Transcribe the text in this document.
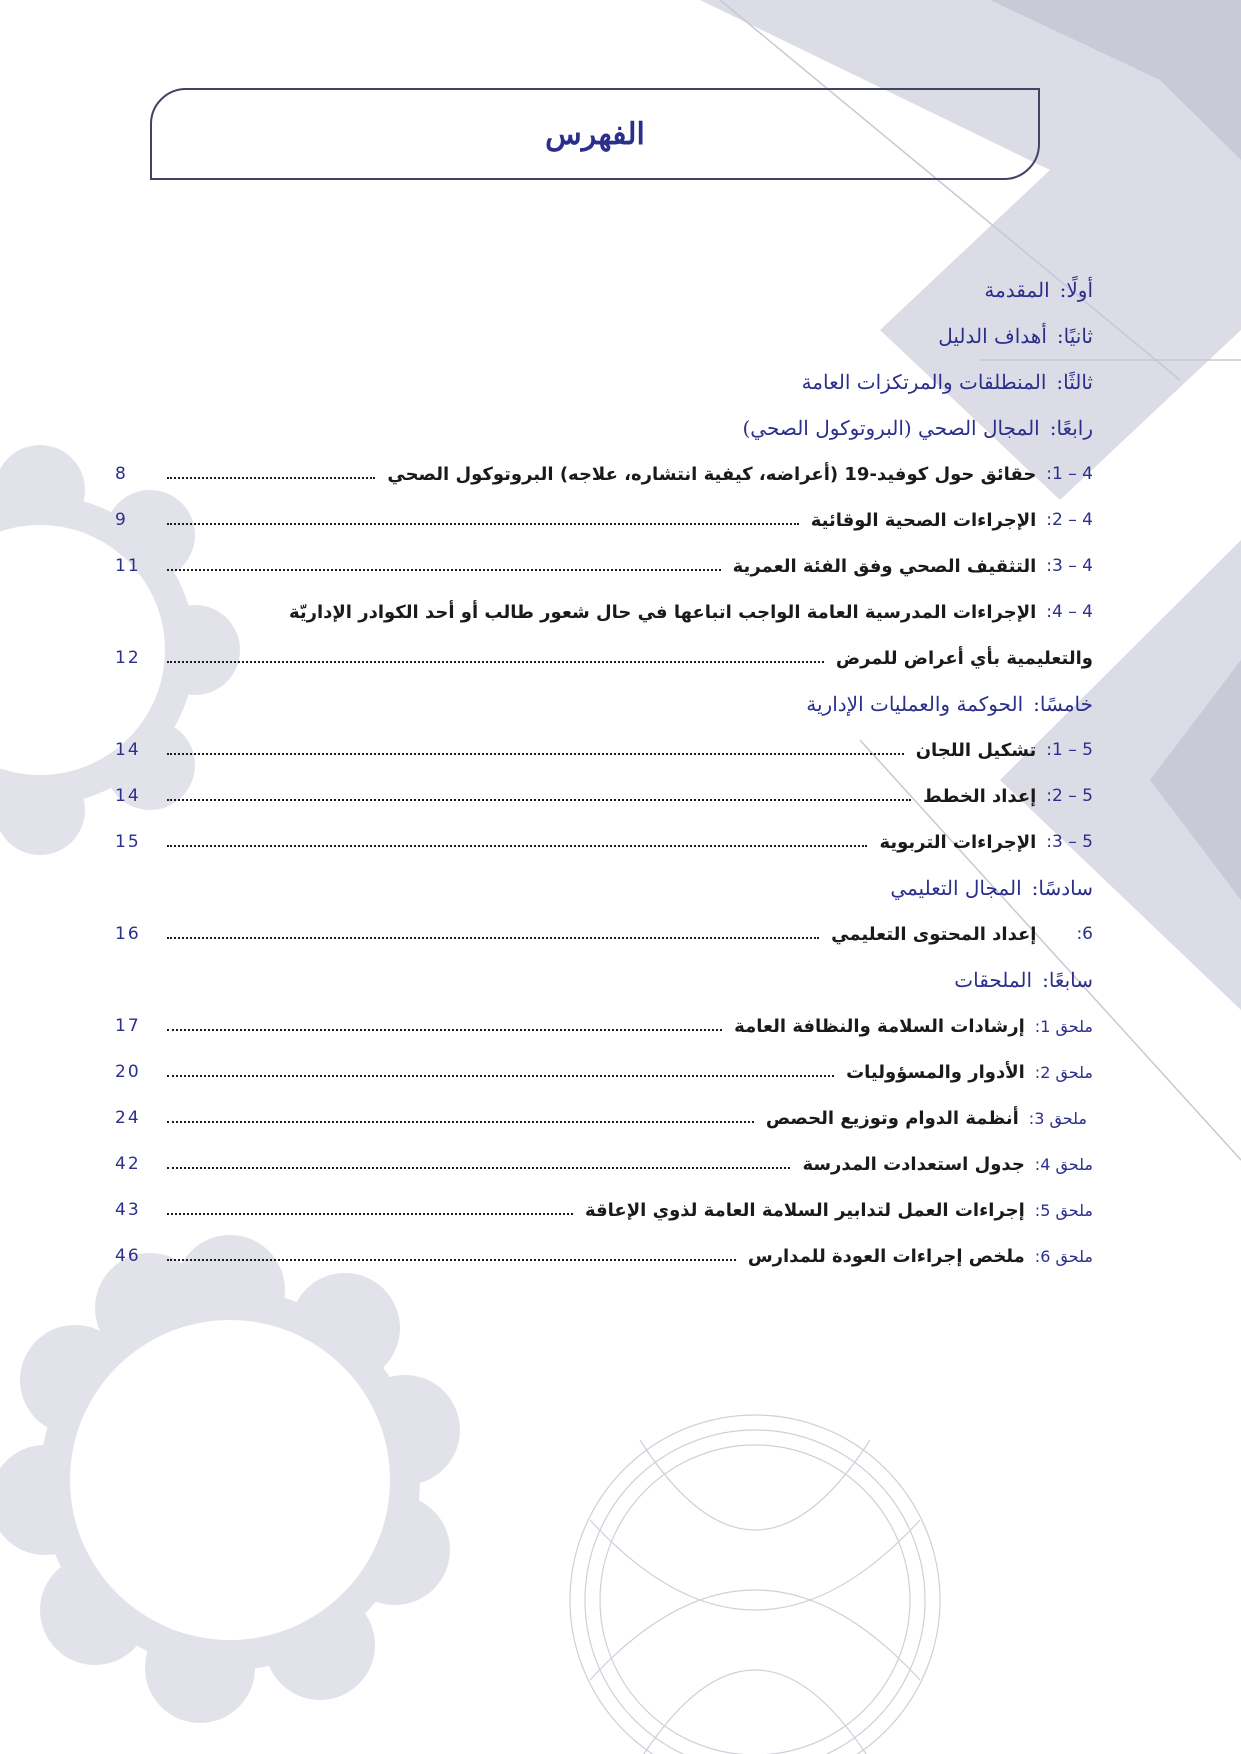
الفهرس
أولًا:
المقدمة
ثانيًا:
أهداف الدليل
ثالثًا:
المنطلقات والمرتكزات العامة
رابعًا:
المجال الصحي (البروتوكول الصحي)
4 – 1:
حقائق حول كوفيد-19 (أعراضه، كيفية انتشاره، علاجه) البروتوكول الصحي
8
4 – 2:
الإجراءات الصحية الوقائية
9
4 – 3:
التثقيف الصحي وفق الفئة العمرية
11
4 – 4:
الإجراءات المدرسية العامة الواجب اتباعها في حال شعور طالب أو أحد الكوادر الإداريّة
والتعليمية بأي أعراض للمرض
12
خامسًا:
الحوكمة والعمليات الإدارية
5 – 1:
تشكيل اللجان
14
5 – 2:
إعداد الخطط
14
5 – 3:
الإجراءات التربوية
15
سادسًا:
المجال التعليمي
6:
إعداد المحتوى التعليمي
16
سابعًا:
الملحقات
ملحق 1:
إرشادات السلامة والنظافة العامة
17
ملحق 2:
الأدوار والمسؤوليات
20
ملحق 3:
أنظمة الدوام وتوزيع الحصص
24
ملحق 4:
جدول استعدادت المدرسة
42
ملحق 5:
إجراءات العمل لتدابير السلامة العامة لذوي الإعاقة
43
ملحق 6:
ملخص إجراءات العودة للمدارس
46
